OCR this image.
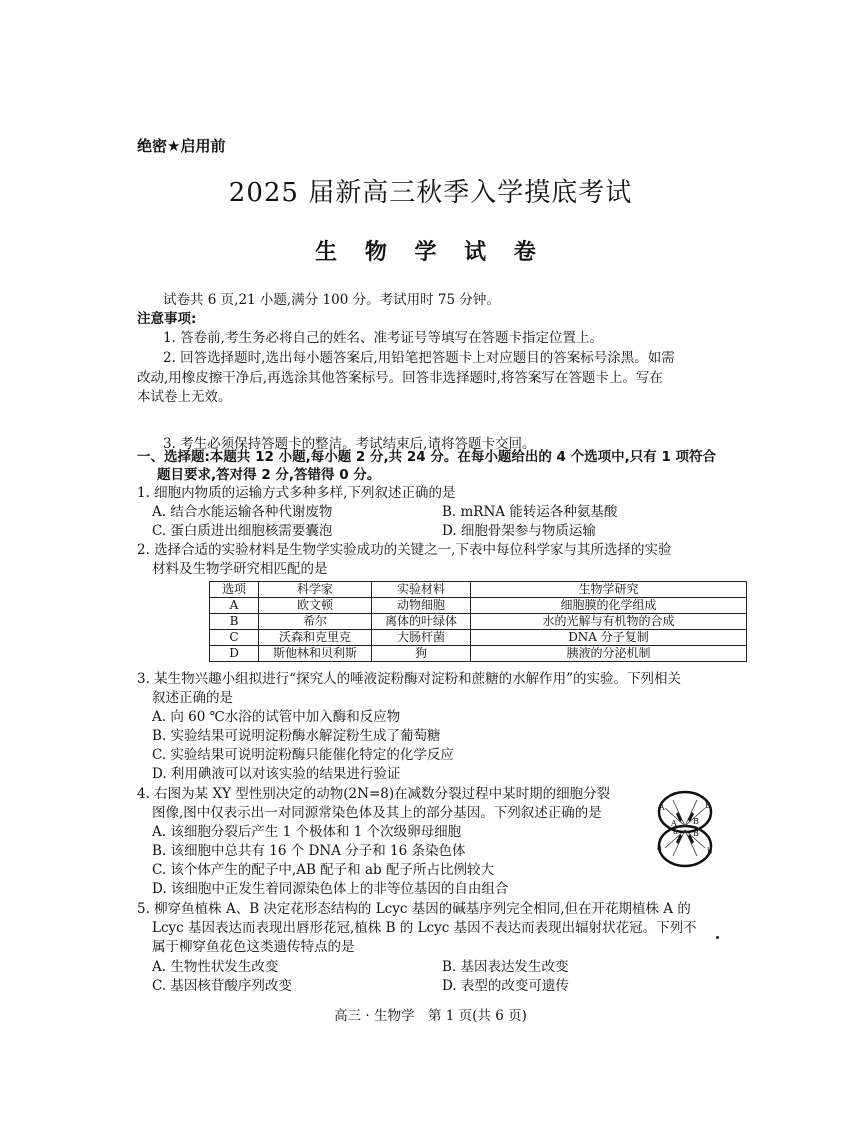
绝密★启用前
2025 届新高三秋季入学摸底考试
生 物 学 试 卷
试卷共 6 页,21 小题,满分 100 分。考试用时 75 分钟。
注意事项:
1. 答卷前,考生务必将自己的姓名、准考证号等填写在答题卡指定位置上。
2. 回答选择题时,选出每小题答案后,用铅笔把答题卡上对应题目的答案标号涂黑。如需
改动,用橡皮擦干净后,再选涂其他答案标号。回答非选择题时,将答案写在答题卡上。写在
本试卷上无效。
3. 考生必须保持答题卡的整洁。考试结束后,请将答题卡交回。
一、选择题:本题共 12 小题,每小题 2 分,共 24 分。在每小题给出的 4 个选项中,只有 1 项符合
题目要求,答对得 2 分,答错得 0 分。
1. 细胞内物质的运输方式多种多样,下列叙述正确的是
A. 结合水能运输各种代谢废物	B. mRNA 能转运各种氨基酸
C. 蛋白质进出细胞核需要囊泡	D. 细胞骨架参与物质运输
2. 选择合适的实验材料是生物学实验成功的关键之一,下表中每位科学家与其所选择的实验
材料及生物学研究相匹配的是
选项	科学家	实验材料	生物学研究
A	欧文顿	动物细胞	细胞膜的化学组成
B	希尔	离体的叶绿体	水的光解与有机物的合成
C	沃森和克里克	大肠杆菌	DNA 分子复制
D	斯他林和贝利斯	狗	胰液的分泌机制
3. 某生物兴趣小组拟进行“探究人的唾液淀粉酶对淀粉和蔗糖的水解作用”的实验。下列相关
叙述正确的是
A. 向 60 ℃水浴的试管中加入酶和反应物
B. 实验结果可说明淀粉酶水解淀粉生成了葡萄糖
C. 实验结果可说明淀粉酶只能催化特定的化学反应
D. 利用碘液可以对该实验的结果进行验证
4. 右图为某 XY 型性别决定的动物(2N=8)在减数分裂过程中某时期的细胞分裂
图像,图中仅表示出一对同源常染色体及其上的部分基因。下列叙述正确的是
A. 该细胞分裂后产生 1 个极体和 1 个次级卵母细胞
B. 该细胞中总共有 16 个 DNA 分子和 16 条染色体
C. 该个体产生的配子中,AB 配子和 ab 配子所占比例较大
D. 该细胞中正发生着同源染色体上的非等位基因的自由组合
A	B
A B
a B
a	b
5. 柳穿鱼植株 A、B 决定花形态结构的 Lcyc 基因的碱基序列完全相同,但在开花期植株 A 的
Lcyc 基因表达而表现出唇形花冠,植株 B 的 Lcyc 基因不表达而表现出辐射状花冠。下列不
属于柳穿鱼花色这类遗传特点的是
A. 生物性状发生改变	B. 基因表达发生改变
C. 基因核苷酸序列改变	D. 表型的改变可遗传
高三 · 生物学　第 1 页(共 6 页)
